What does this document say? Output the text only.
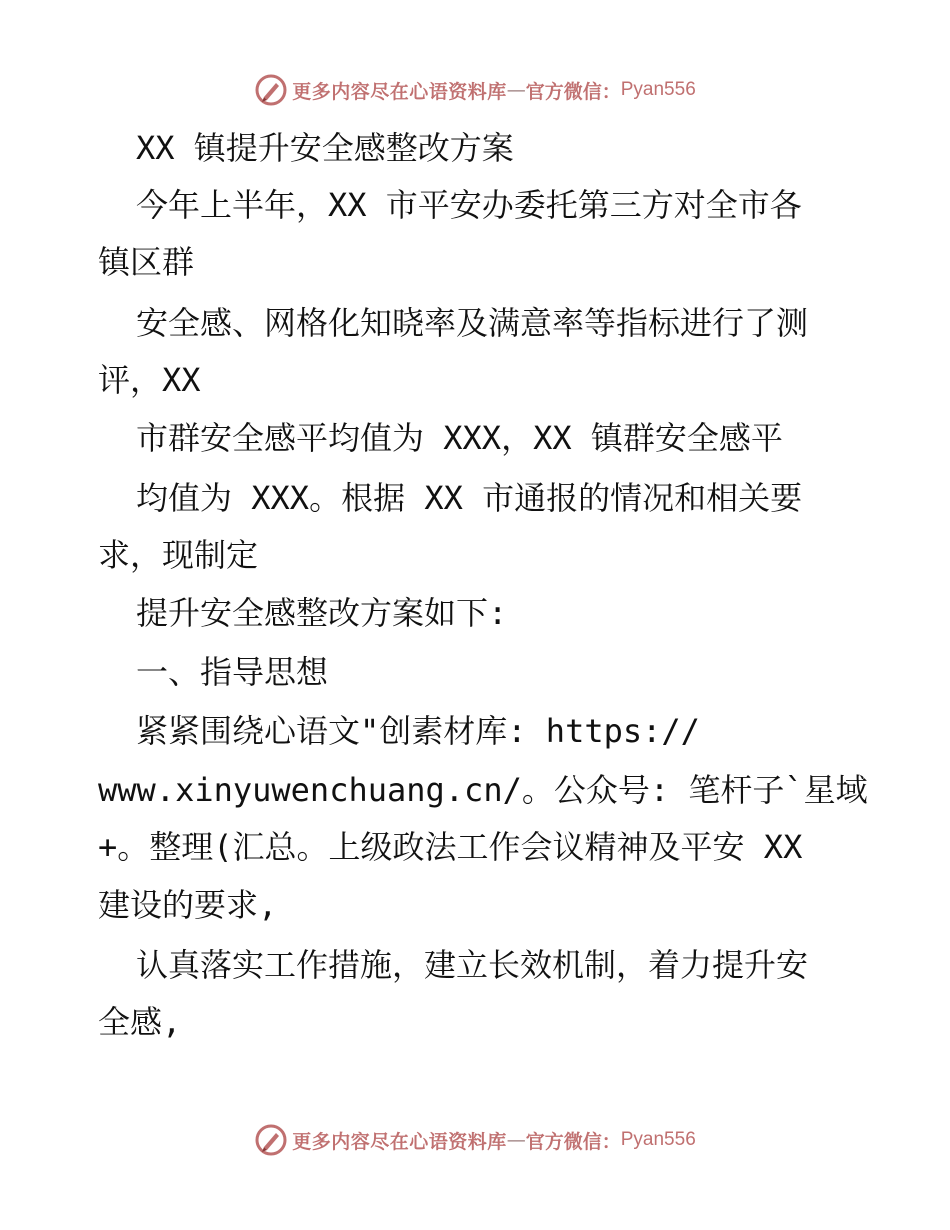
更多内容尽在心语资料库 — 官方微信： Pyan556
XX 镇提升安全感整改方案
今年上半年，XX 市平安办委托第三方对全市各
镇区群
安全感、网格化知晓率及满意率等指标进行了测
评，XX
市群安全感平均值为 XXX，XX 镇群安全感平
均值为 XXX。根据 XX 市通报的情况和相关要
求，现制定
提升安全感整改方案如下:
一、指导思想
紧紧围绕心语文"创素材库: https://
www.xinyuwenchuang.cn/。公众号: 笔杆子`星域
+。整理(汇总。上级政法工作会议精神及平安 XX
建设的要求,
认真落实工作措施，建立长效机制，着力提升安
全感,
更多内容尽在心语资料库 — 官方微信： Pyan556
